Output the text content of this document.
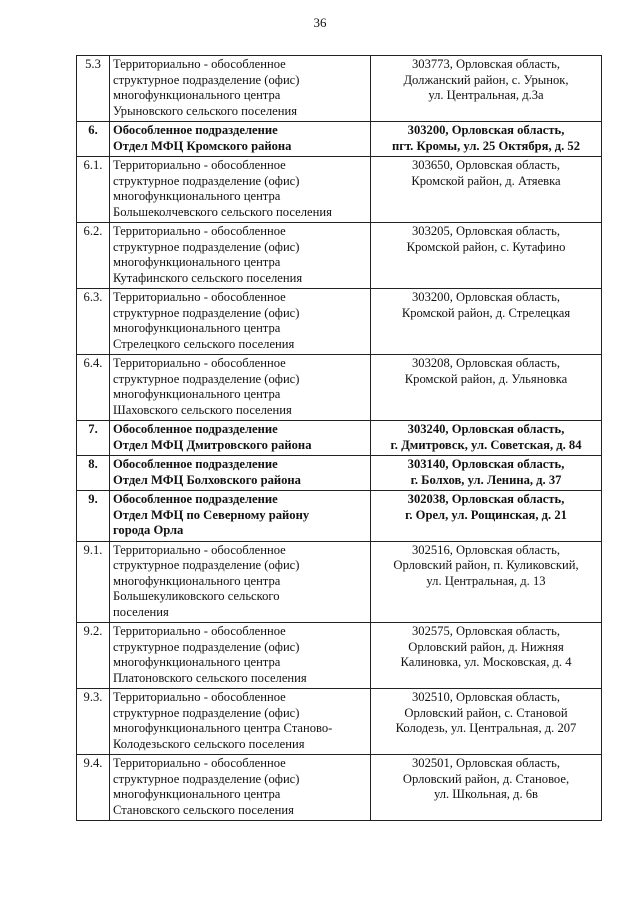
36
5.3	Территориально - обособленное
структурное подразделение (офис)
многофункционального центра
Урыновского сельского поселения	303773, Орловская область,
Должанский район, с. Урынок,
ул. Центральная, д.3а

6.	Обособленное подразделение
Отдел МФЦ Кромского района	303200, Орловская область,
пгт. Кромы, ул. 25 Октября, д. 52

6.1.	Территориально - обособленное
структурное подразделение (офис)
многофункционального центра
Большеколчевского сельского поселения	303650, Орловская область,
Кромской район, д. Атяевка

6.2.	Территориально - обособленное
структурное подразделение (офис)
многофункционального центра
Кутафинского сельского поселения	303205, Орловская область,
Кромской район, с. Кутафино

6.3.	Территориально - обособленное
структурное подразделение (офис)
многофункционального центра
Стрелецкого сельского поселения	303200, Орловская область,
Кромской район, д. Стрелецкая

6.4.	Территориально - обособленное
структурное подразделение (офис)
многофункционального центра
Шаховского сельского поселения	303208, Орловская область,
Кромской район, д. Ульяновка

7.	Обособленное подразделение
Отдел МФЦ Дмитровского района	303240, Орловская область,
г. Дмитровск, ул. Советская, д. 84

8.	Обособленное подразделение
Отдел МФЦ Болховского района	303140, Орловская область,
г. Болхов, ул. Ленина, д. 37

9.	Обособленное подразделение
Отдел МФЦ по Северному району
города Орла	302038, Орловская область,
г. Орел, ул. Рощинская, д. 21

9.1.	Территориально - обособленное
структурное подразделение (офис)
многофункционального центра
Большекуликовского сельского
поселения	302516, Орловская область,
Орловский район, п. Куликовский,
ул. Центральная, д. 13

9.2.	Территориально - обособленное
структурное подразделение (офис)
многофункционального центра
Платоновского сельского поселения	302575, Орловская область,
Орловский район, д. Нижняя
Калиновка, ул. Московская, д. 4

9.3.	Территориально - обособленное
структурное подразделение (офис)
многофункционального центра Станово-
Колодезьского сельского поселения	302510, Орловская область,
Орловский район, с. Становой
Колодезь, ул. Центральная, д. 207

9.4.	Территориально - обособленное
структурное подразделение (офис)
многофункционального центра
Становского сельского поселения	302501, Орловская область,
Орловский район, д. Становое,
ул. Школьная, д. 6в
